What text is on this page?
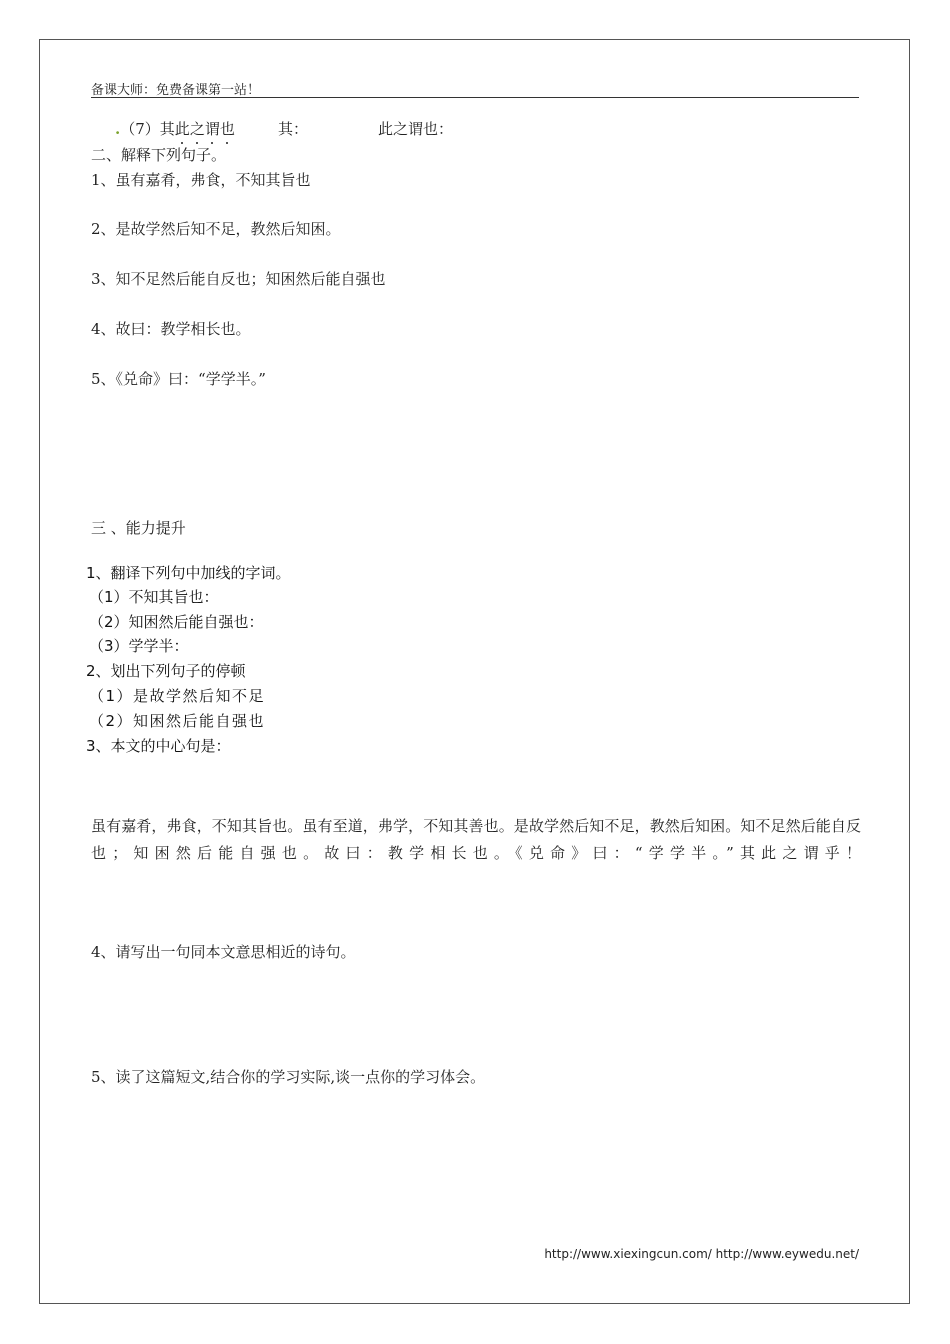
备课大师：免费备课第一站！
.（7）其此之谓也	其：	此之谓也：
二、解释下列句子。
1、虽有嘉肴，弗食，不知其旨也
2、是故学然后知不足，教然后知困。
3、知不足然后能自反也；知困然后能自强也
4、故曰：教学相长也。
5、《兑命》曰：“学学半。”
三 、能力提升
1、翻译下列句中加线的字词。
（1）不知其旨也：
（2）知困然后能自强也：
（3）学学半：
2、划出下列句子的停顿
（1）是故学然后知不足
（2）知困然后能自强也
3、本文的中心句是：
虽有嘉肴，弗食，不知其旨也。虽有至道，弗学，不知其善也。是故学然后知不足，教然后知困。知不足然后能自反也；知困然后能自强也。故曰：教学相长也。《兑命》曰：“学学半。”其此之谓乎！
4、请写出一句同本文意思相近的诗句。
5、读了这篇短文,结合你的学习实际,谈一点你的学习体会。
http://www.xiexingcun.com/ http://www.eywedu.net/
